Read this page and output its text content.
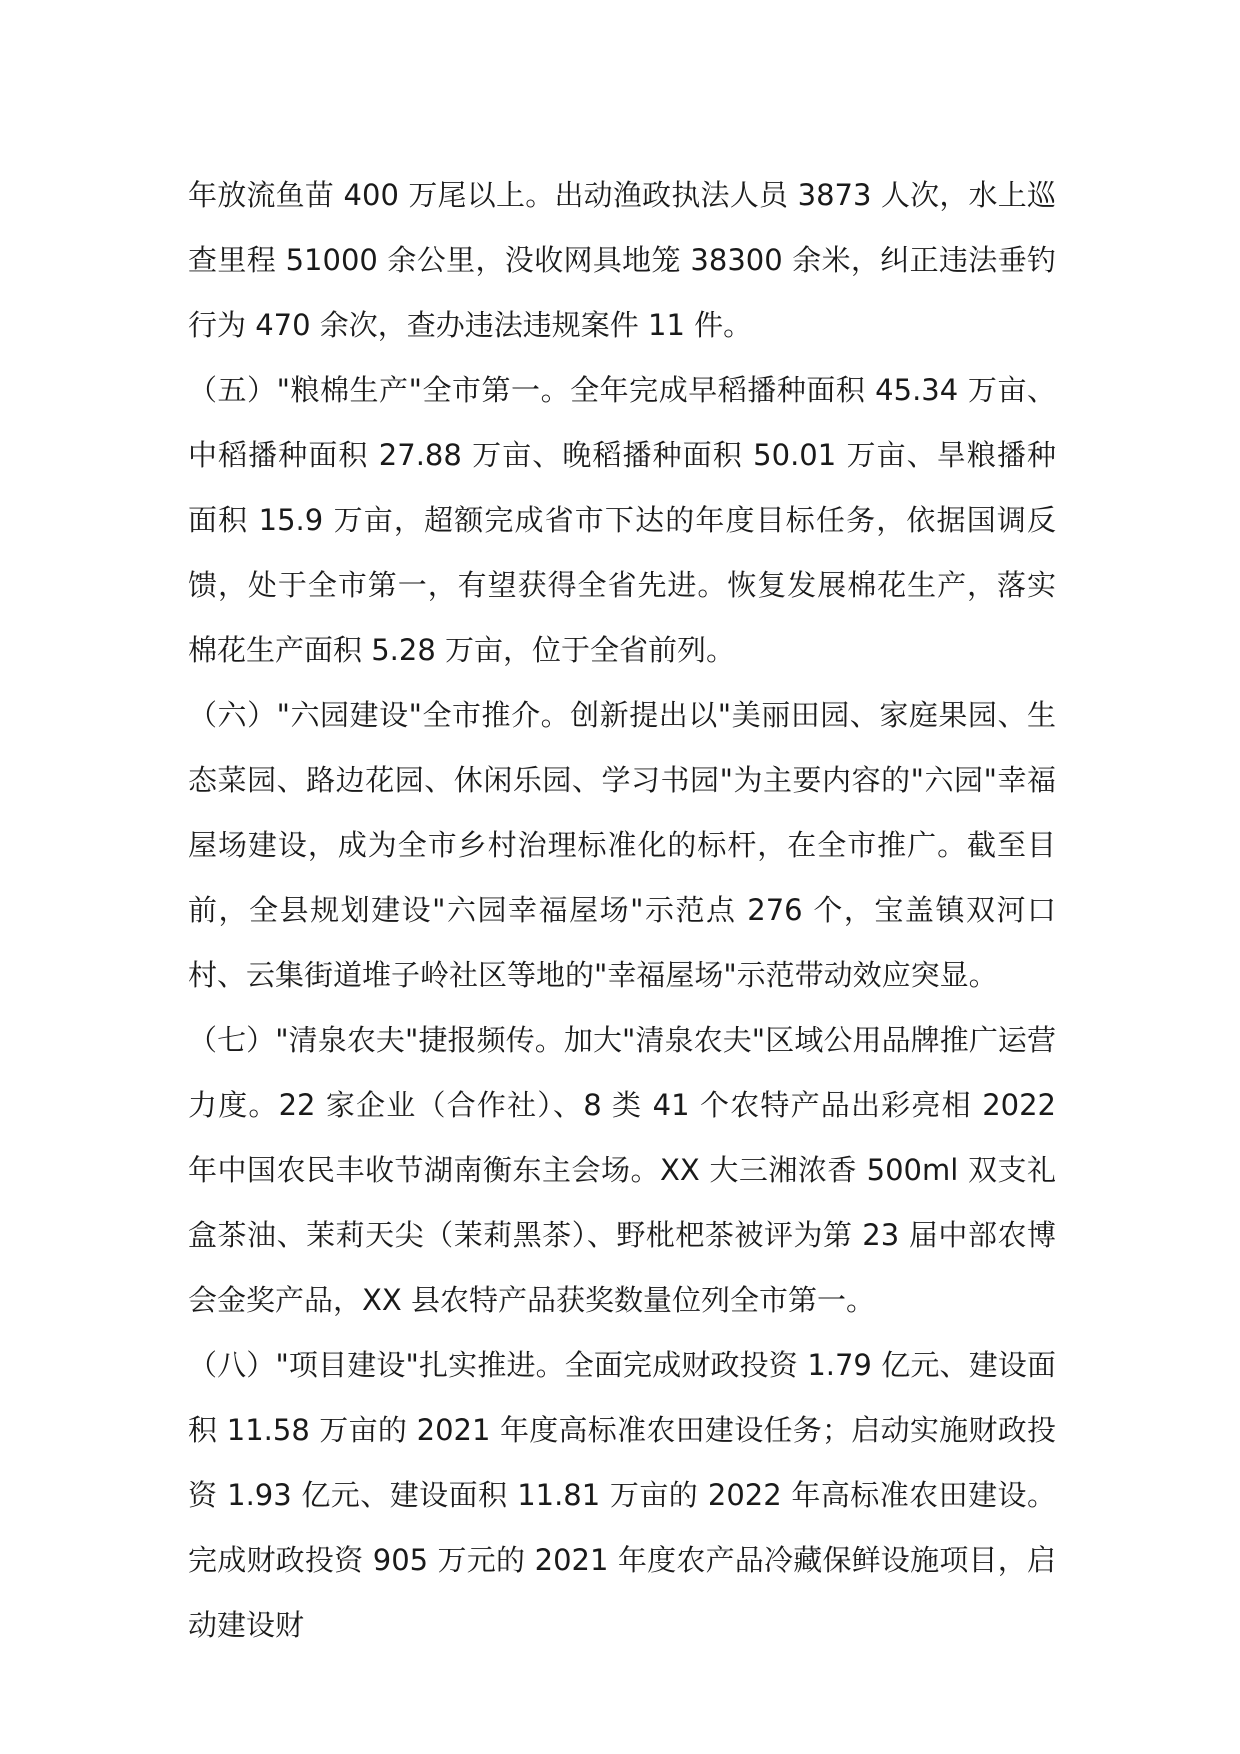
年放流鱼苗 400 万尾以上。出动渔政执法人员 3873 人次，水上巡查里程 51000 余公里，没收网具地笼 38300 余米，纠正违法垂钓行为 470 余次，查办违法违规案件 11 件。

（五）"粮棉生产"全市第一。全年完成早稻播种面积 45.34 万亩、中稻播种面积 27.88 万亩、晚稻播种面积 50.01 万亩、旱粮播种面积 15.9 万亩，超额完成省市下达的年度目标任务，依据国调反馈，处于全市第一，有望获得全省先进。恢复发展棉花生产，落实棉花生产面积 5.28 万亩，位于全省前列。

（六）"六园建设"全市推介。创新提出以"美丽田园、家庭果园、生态菜园、路边花园、休闲乐园、学习书园"为主要内容的"六园"幸福屋场建设，成为全市乡村治理标准化的标杆，在全市推广。截至目前，全县规划建设"六园幸福屋场"示范点 276 个，宝盖镇双河口村、云集街道堆子岭社区等地的"幸福屋场"示范带动效应突显。

（七）"清泉农夫"捷报频传。加大"清泉农夫"区域公用品牌推广运营力度。22 家企业（合作社）、8 类 41 个农特产品出彩亮相 2022 年中国农民丰收节湖南衡东主会场。XX 大三湘浓香 500ml 双支礼盒茶油、茉莉天尖（茉莉黑茶）、野枇杷茶被评为第 23 届中部农博会金奖产品，XX 县农特产品获奖数量位列全市第一。

（八）"项目建设"扎实推进。全面完成财政投资 1.79 亿元、建设面积 11.58 万亩的 2021 年度高标准农田建设任务；启动实施财政投资 1.93 亿元、建设面积 11.81 万亩的 2022 年高标准农田建设。完成财政投资 905 万元的 2021 年度农产品冷藏保鲜设施项目，启动建设财
